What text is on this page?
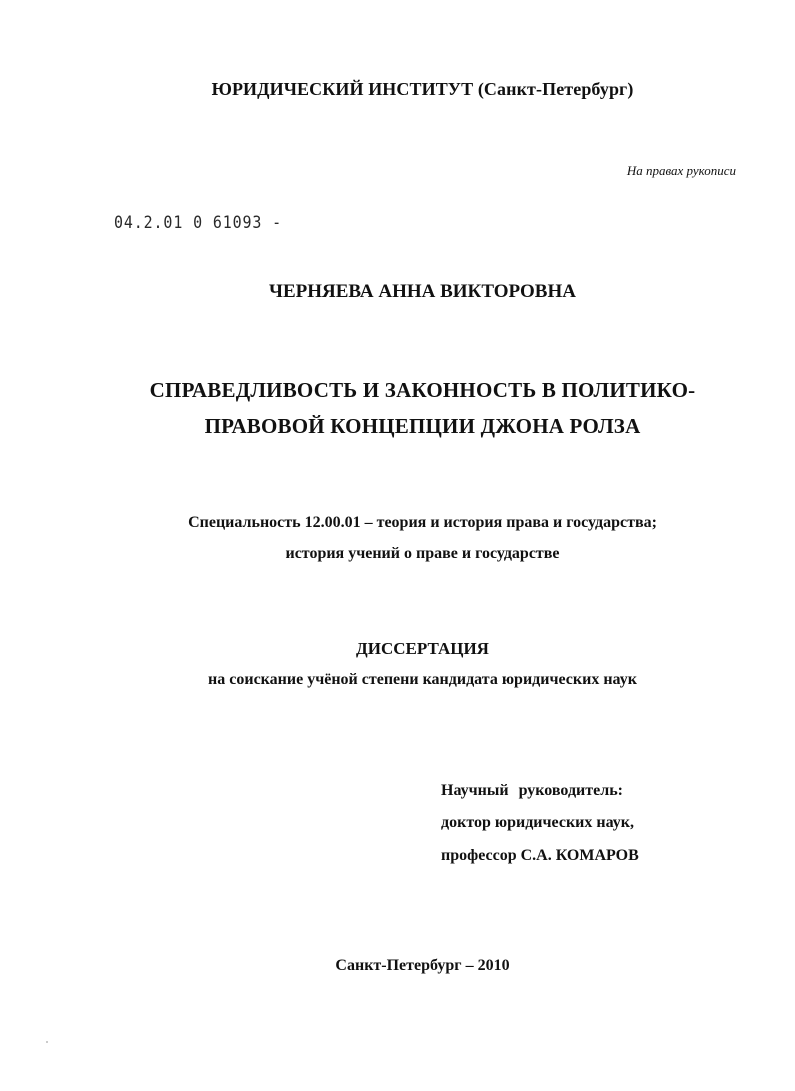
ЮРИДИЧЕСКИЙ ИНСТИТУТ (Санкт-Петербург)
На правах рукописи
04.2.01 0 61093 -
ЧЕРНЯЕВА АННА ВИКТОРОВНА
СПРАВЕДЛИВОСТЬ И ЗАКОННОСТЬ В ПОЛИТИКО-
ПРАВОВОЙ КОНЦЕПЦИИ ДЖОНА РОЛЗА
Специальность 12.00.01 – теория и история права и государства;
история учений о праве и государстве
ДИССЕРТАЦИЯ
на соискание учёной степени кандидата юридических наук
Научный руководитель:
доктор юридических наук,
профессор С.А. КОМАРОВ
Санкт-Петербург – 2010
